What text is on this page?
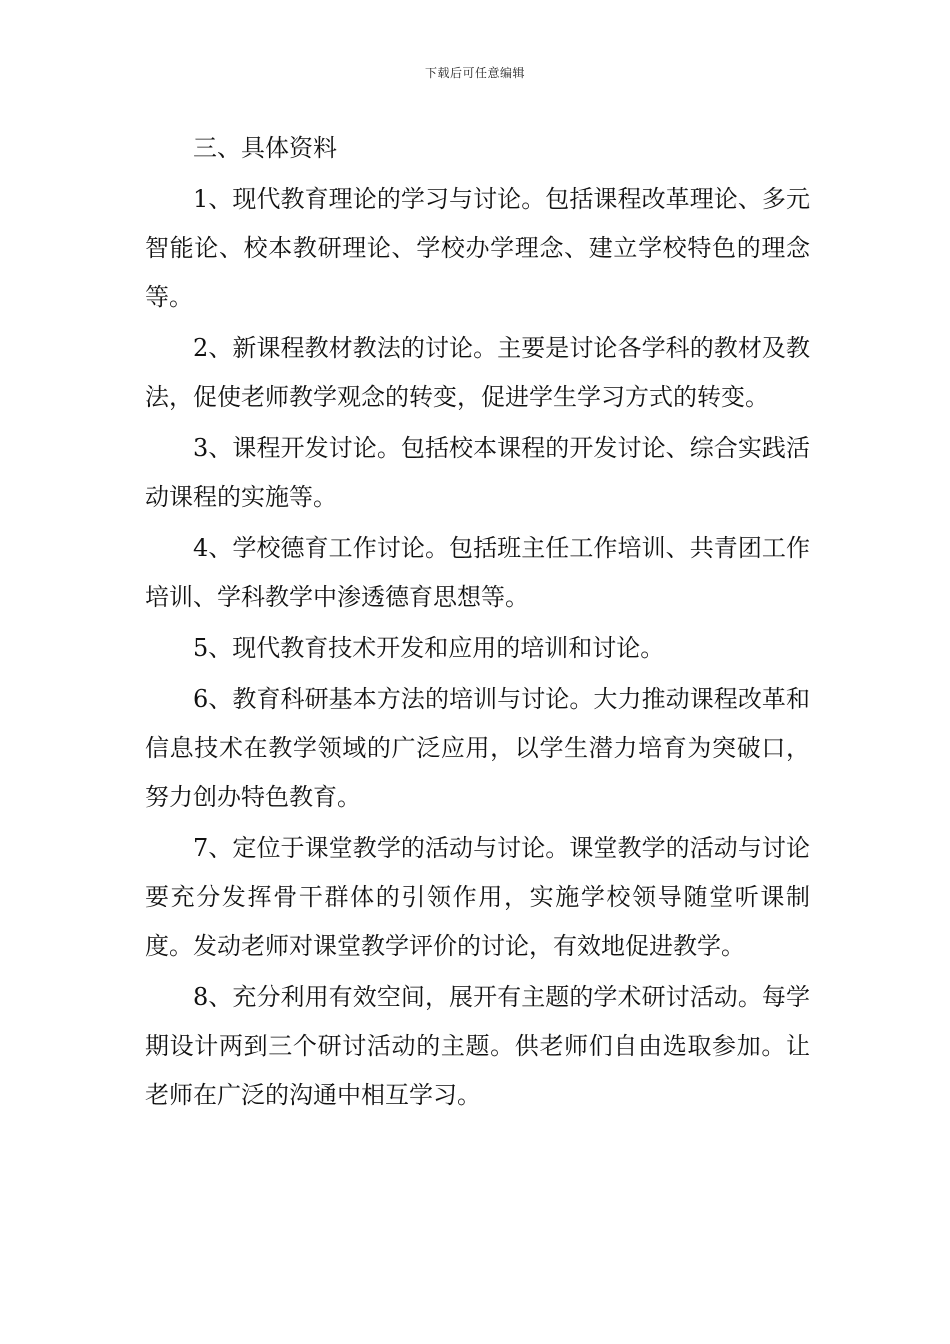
下载后可任意编辑

三、具体资料

1、现代教育理论的学习与讨论。包括课程改革理论、多元智能论、校本教研理论、学校办学理念、建立学校特色的理念等。

2、新课程教材教法的讨论。主要是讨论各学科的教材及教法，促使老师教学观念的转变，促进学生学习方式的转变。

3、课程开发讨论。包括校本课程的开发讨论、综合实践活动课程的实施等。

4、学校德育工作讨论。包括班主任工作培训、共青团工作培训、学科教学中渗透德育思想等。

5、现代教育技术开发和应用的培训和讨论。

6、教育科研基本方法的培训与讨论。大力推动课程改革和信息技术在教学领域的广泛应用，以学生潜力培育为突破口，努力创办特色教育。

7、定位于课堂教学的活动与讨论。课堂教学的活动与讨论要充分发挥骨干群体的引领作用，实施学校领导随堂听课制度。发动老师对课堂教学评价的讨论，有效地促进教学。

8、充分利用有效空间，展开有主题的学术研讨活动。每学期设计两到三个研讨活动的主题。供老师们自由选取参加。让老师在广泛的沟通中相互学习。
